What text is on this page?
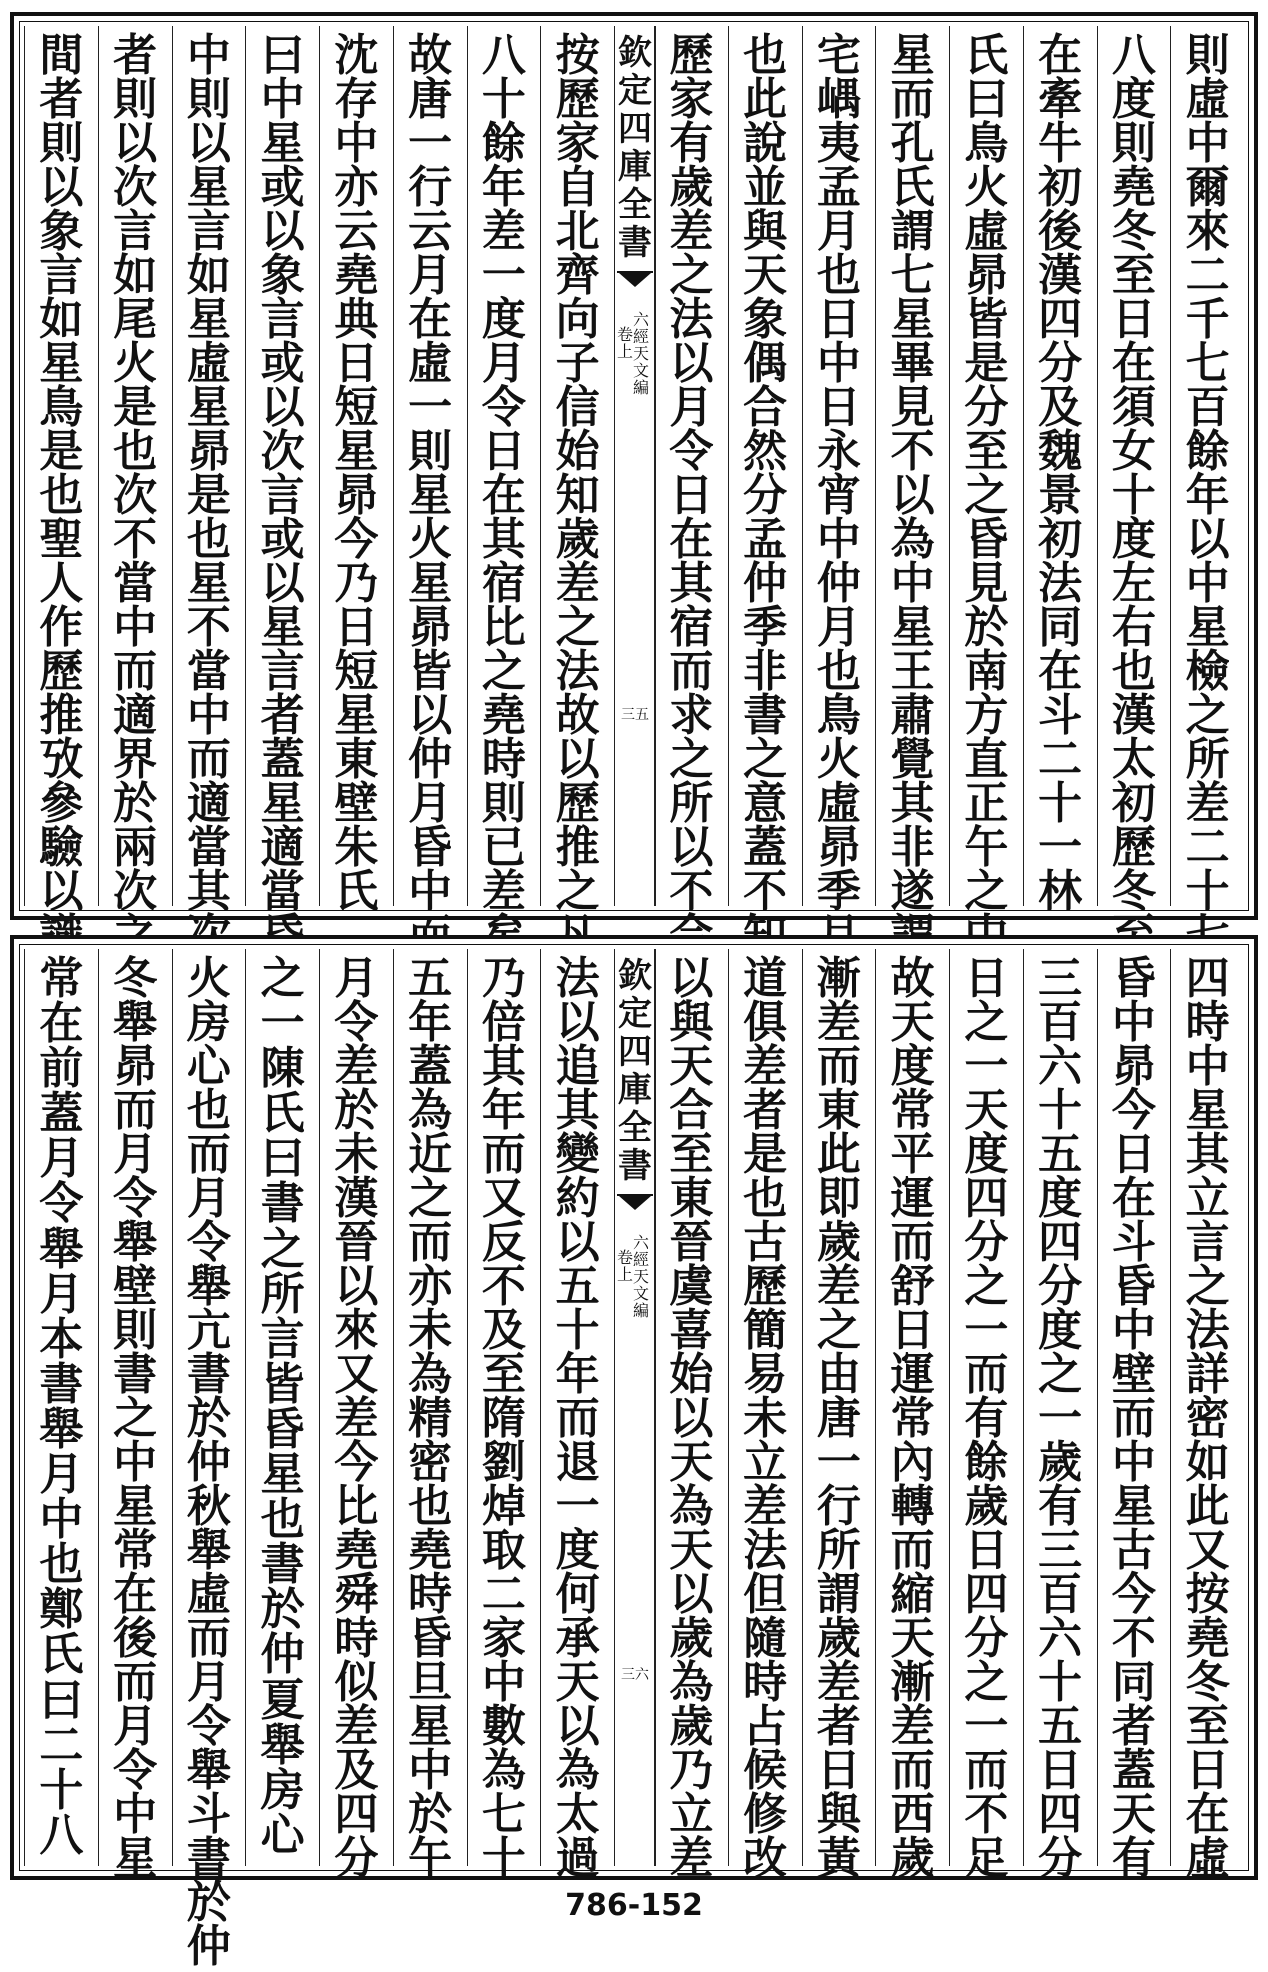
則
虛
中
爾
來
二
千
七
百
餘
年
以
中
星
檢
之
所
差
二
十
八
度
則
堯
冬
至
日
在
須
女
十
度
左
右
也
漢
太
初
歷
冬
在
牽
牛
初
後
漢
四
分
及
魏
景
初
法
同
在
斗
二
十
一
林
氏
曰
鳥
火
虛
昴
皆
是
分
至
之
昏
見
於
南
方
直
正
午
之
星
而
孔
氏
謂
七
星
畢
見
不
以
為
中
星
王
肅
覺
其
非
遂
宅
嵎
夷
孟
月
也
日
中
日
永
宵
中
仲
月
也
鳥
火
虛
昴
季
也
此
說
並
與
天
象
偶
合
然
分
孟
仲
季
非
書
之
意
蓋
不
歷
家
有
歲
差
之
法
以
月
令
日
在
其
宿
而
求
之
所
以
不
欽
定
四
庫
全
書
六
經
天
文
編
卷
上
三五
按
歷
家
自
北
齊
向
子
信
始
知
歲
差
之
法
故
以
歷
推
之
八
十
餘
年
差
一
度
月
令
日
在
其
宿
比
之
堯
時
則
已
差
故
唐
一
行
云
月
在
虛
一
則
星
火
星
昴
皆
以
仲
月
昏
中
沈
存
中
亦
云
堯
典
日
短
星
昴
今
乃
日
短
星
東
壁
朱
氏
曰
中
星
或
以
象
言
或
以
次
言
或
以
星
言
者
蓋
星
適
當
中
則
以
星
言
如
星
虛
星
昴
是
也
星
不
當
中
而
適
當
其
者
則
以
次
言
如
尾
火
是
也
次
不
當
中
而
適
界
於
兩
次
間
者
則
以
象
言
如
星
鳥
是
也
聖
人
作
歷
推
攷
參
驗
以
四
時
中
星
其
立
言
之
法
詳
密
如
此
又
按
堯
冬
至
日
在
虛
昏
中
昴
今
日
在
斗
昏
中
壁
而
中
星
古
今
不
同
者
蓋
天
有
三
百
六
十
五
度
四
分
度
之
一
歲
有
三
百
六
十
五
日
四
分
日
之
一
天
度
四
分
之
一
而
有
餘
歲
日
四
分
之
一
而
不
足
故
天
度
常
平
運
而
舒
日
運
常
內
轉
而
縮
天
漸
差
而
西
歲
漸
差
而
東
此
即
歲
差
之
由
唐
一
行
所
謂
歲
差
者
日
與
黃
道
俱
差
者
是
也
古
歷
簡
易
未
立
差
法
但
隨
時
占
候
修
改
以
與
天
合
至
東
晉
虞
喜
始
以
天
為
天
以
歲
為
歲
乃
立
差
欽
定
四
庫
全
書
六
經
天
文
編
卷
上
三六
法
以
追
其
變
約
以
五
十
年
而
退
一
度
何
承
天
以
為
太
過
乃
倍
其
年
而
又
反
不
及
至
隋
劉
焯
取
二
家
中
數
為
七
十
五
年
蓋
為
近
之
而
亦
未
為
精
密
也
堯
時
昏
旦
星
中
於
午
月
令
差
於
未
漢
晉
以
來
又
差
今
比
堯
舜
時
似
差
及
四
分
之
一
陳
氏
曰
書
之
所
言
皆
昏
星
也
書
於
仲
夏
舉
房
心
火
房
心
也
而
月
令
舉
亢
書
於
仲
秋
舉
虛
而
月
令
舉
斗
書
於
仲
冬
舉
昴
而
月
令
舉
壁
則
書
之
中
星
常
在
後
而
月
令
中
星
常
在
前
蓋
月
令
舉
月
本
書
舉
月
中
也
鄭
氏
曰
二
十
八
786-152
